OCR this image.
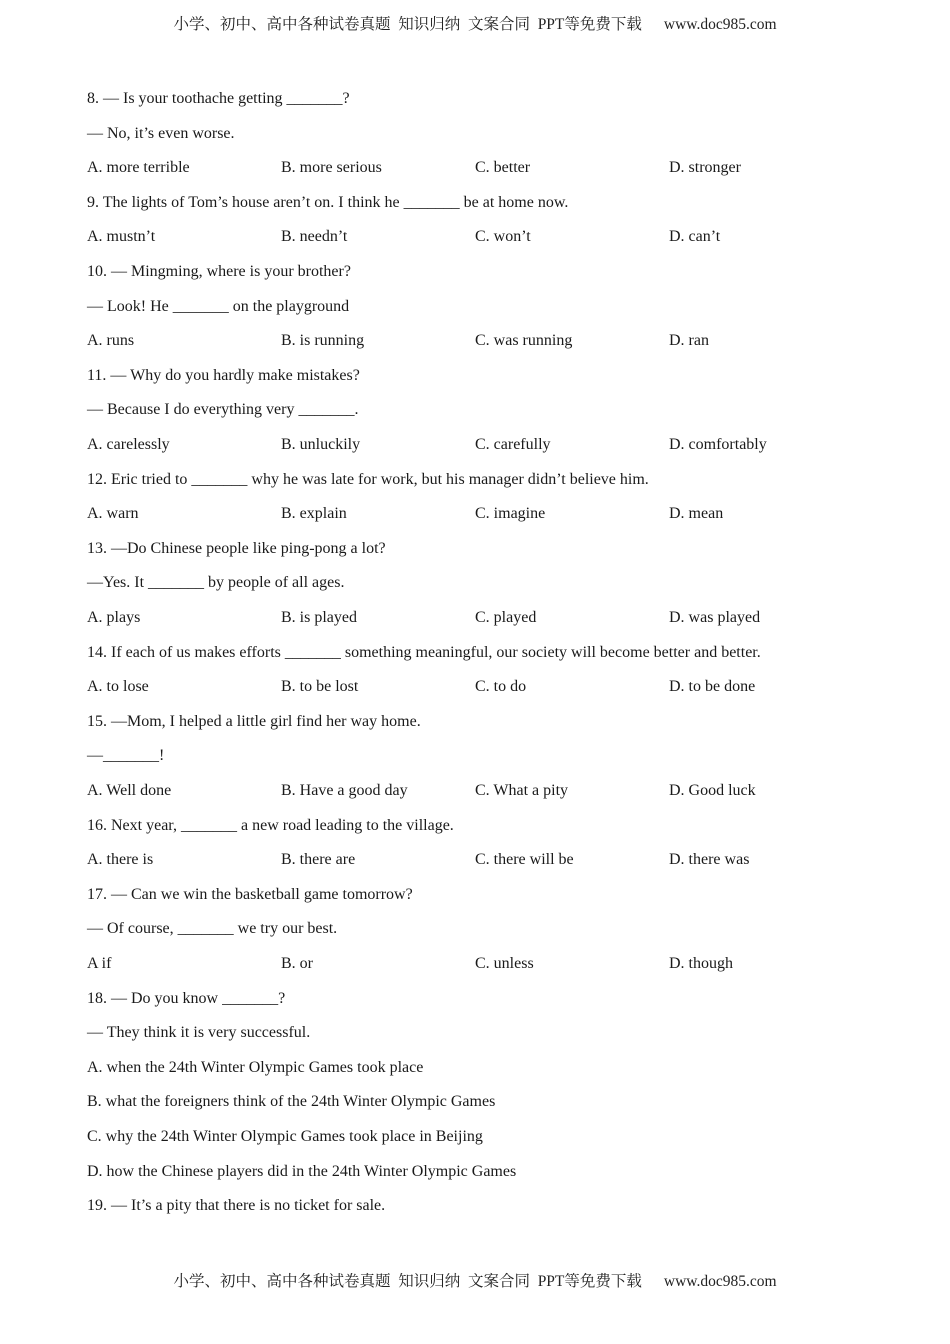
小学、初中、高中各种试卷真题  知识归纳  文案合同  PPT等免费下载 www.doc985.com
8. — Is your toothache getting _______?
— No, it’s even worse.
A. more terrible	B. more serious	C. better	D. stronger
9. The lights of Tom’s house aren’t on. I think he _______ be at home now.
A. mustn’t	B. needn’t	C. won’t	D. can’t
10. — Mingming, where is your brother?
— Look! He _______ on the playground
A. runs	B. is running	C. was running	D. ran
11. — Why do you hardly make mistakes?
— Because I do everything very _______.
A. carelessly	B. unluckily	C. carefully	D. comfortably
12. Eric tried to _______ why he was late for work, but his manager didn’t believe him.
A. warn	B. explain	C. imagine	D. mean
13. —Do Chinese people like ping-pong a lot?
—Yes. It _______ by people of all ages.
A. plays	B. is played	C. played	D. was played
14. If each of us makes efforts _______ something meaningful, our society will become better and better.
A. to lose	B. to be lost	C. to do	D. to be done
15. —Mom, I helped a little girl find her way home.
—_______!
A. Well done	B. Have a good day	C. What a pity	D. Good luck
16. Next year, _______ a new road leading to the village.
A. there is	B. there are	C. there will be	D. there was
17. — Can we win the basketball game tomorrow?
— Of course, _______ we try our best.
A if	B. or	C. unless	D. though
18. — Do you know _______?
— They think it is very successful.
A. when the 24th Winter Olympic Games took place
B. what the foreigners think of the 24th Winter Olympic Games
C. why the 24th Winter Olympic Games took place in Beijing
D. how the Chinese players did in the 24th Winter Olympic Games
19. — It’s a pity that there is no ticket for sale.
小学、初中、高中各种试卷真题  知识归纳  文案合同  PPT等免费下载 www.doc985.com
